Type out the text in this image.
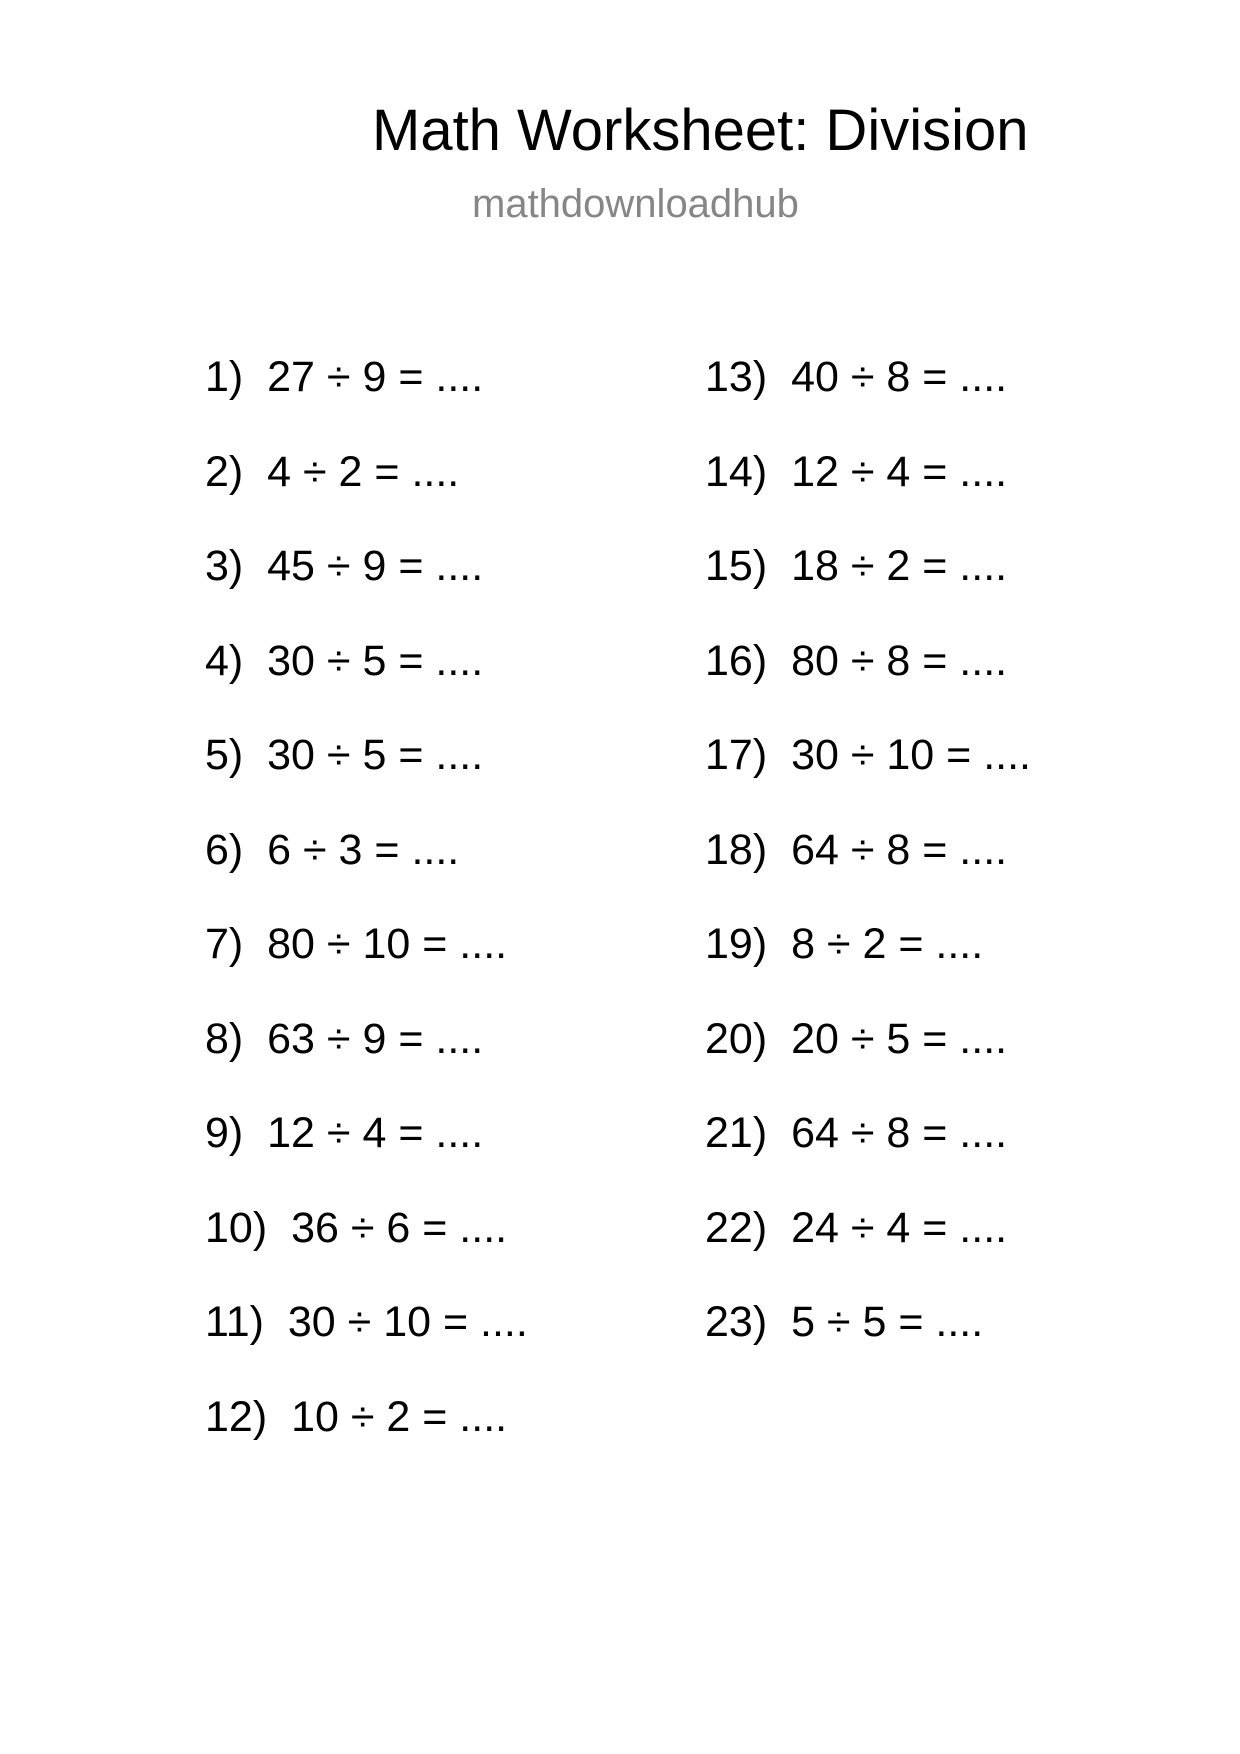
Math Worksheet: Division
mathdownloadhub
1) 27 ÷ 9 = ....
2) 4 ÷ 2 = ....
3) 45 ÷ 9 = ....
4) 30 ÷ 5 = ....
5) 30 ÷ 5 = ....
6) 6 ÷ 3 = ....
7) 80 ÷ 10 = ....
8) 63 ÷ 9 = ....
9) 12 ÷ 4 = ....
10) 36 ÷ 6 = ....
11) 30 ÷ 10 = ....
12) 10 ÷ 2 = ....
13) 40 ÷ 8 = ....
14) 12 ÷ 4 = ....
15) 18 ÷ 2 = ....
16) 80 ÷ 8 = ....
17) 30 ÷ 10 = ....
18) 64 ÷ 8 = ....
19) 8 ÷ 2 = ....
20) 20 ÷ 5 = ....
21) 64 ÷ 8 = ....
22) 24 ÷ 4 = ....
23) 5 ÷ 5 = ....
